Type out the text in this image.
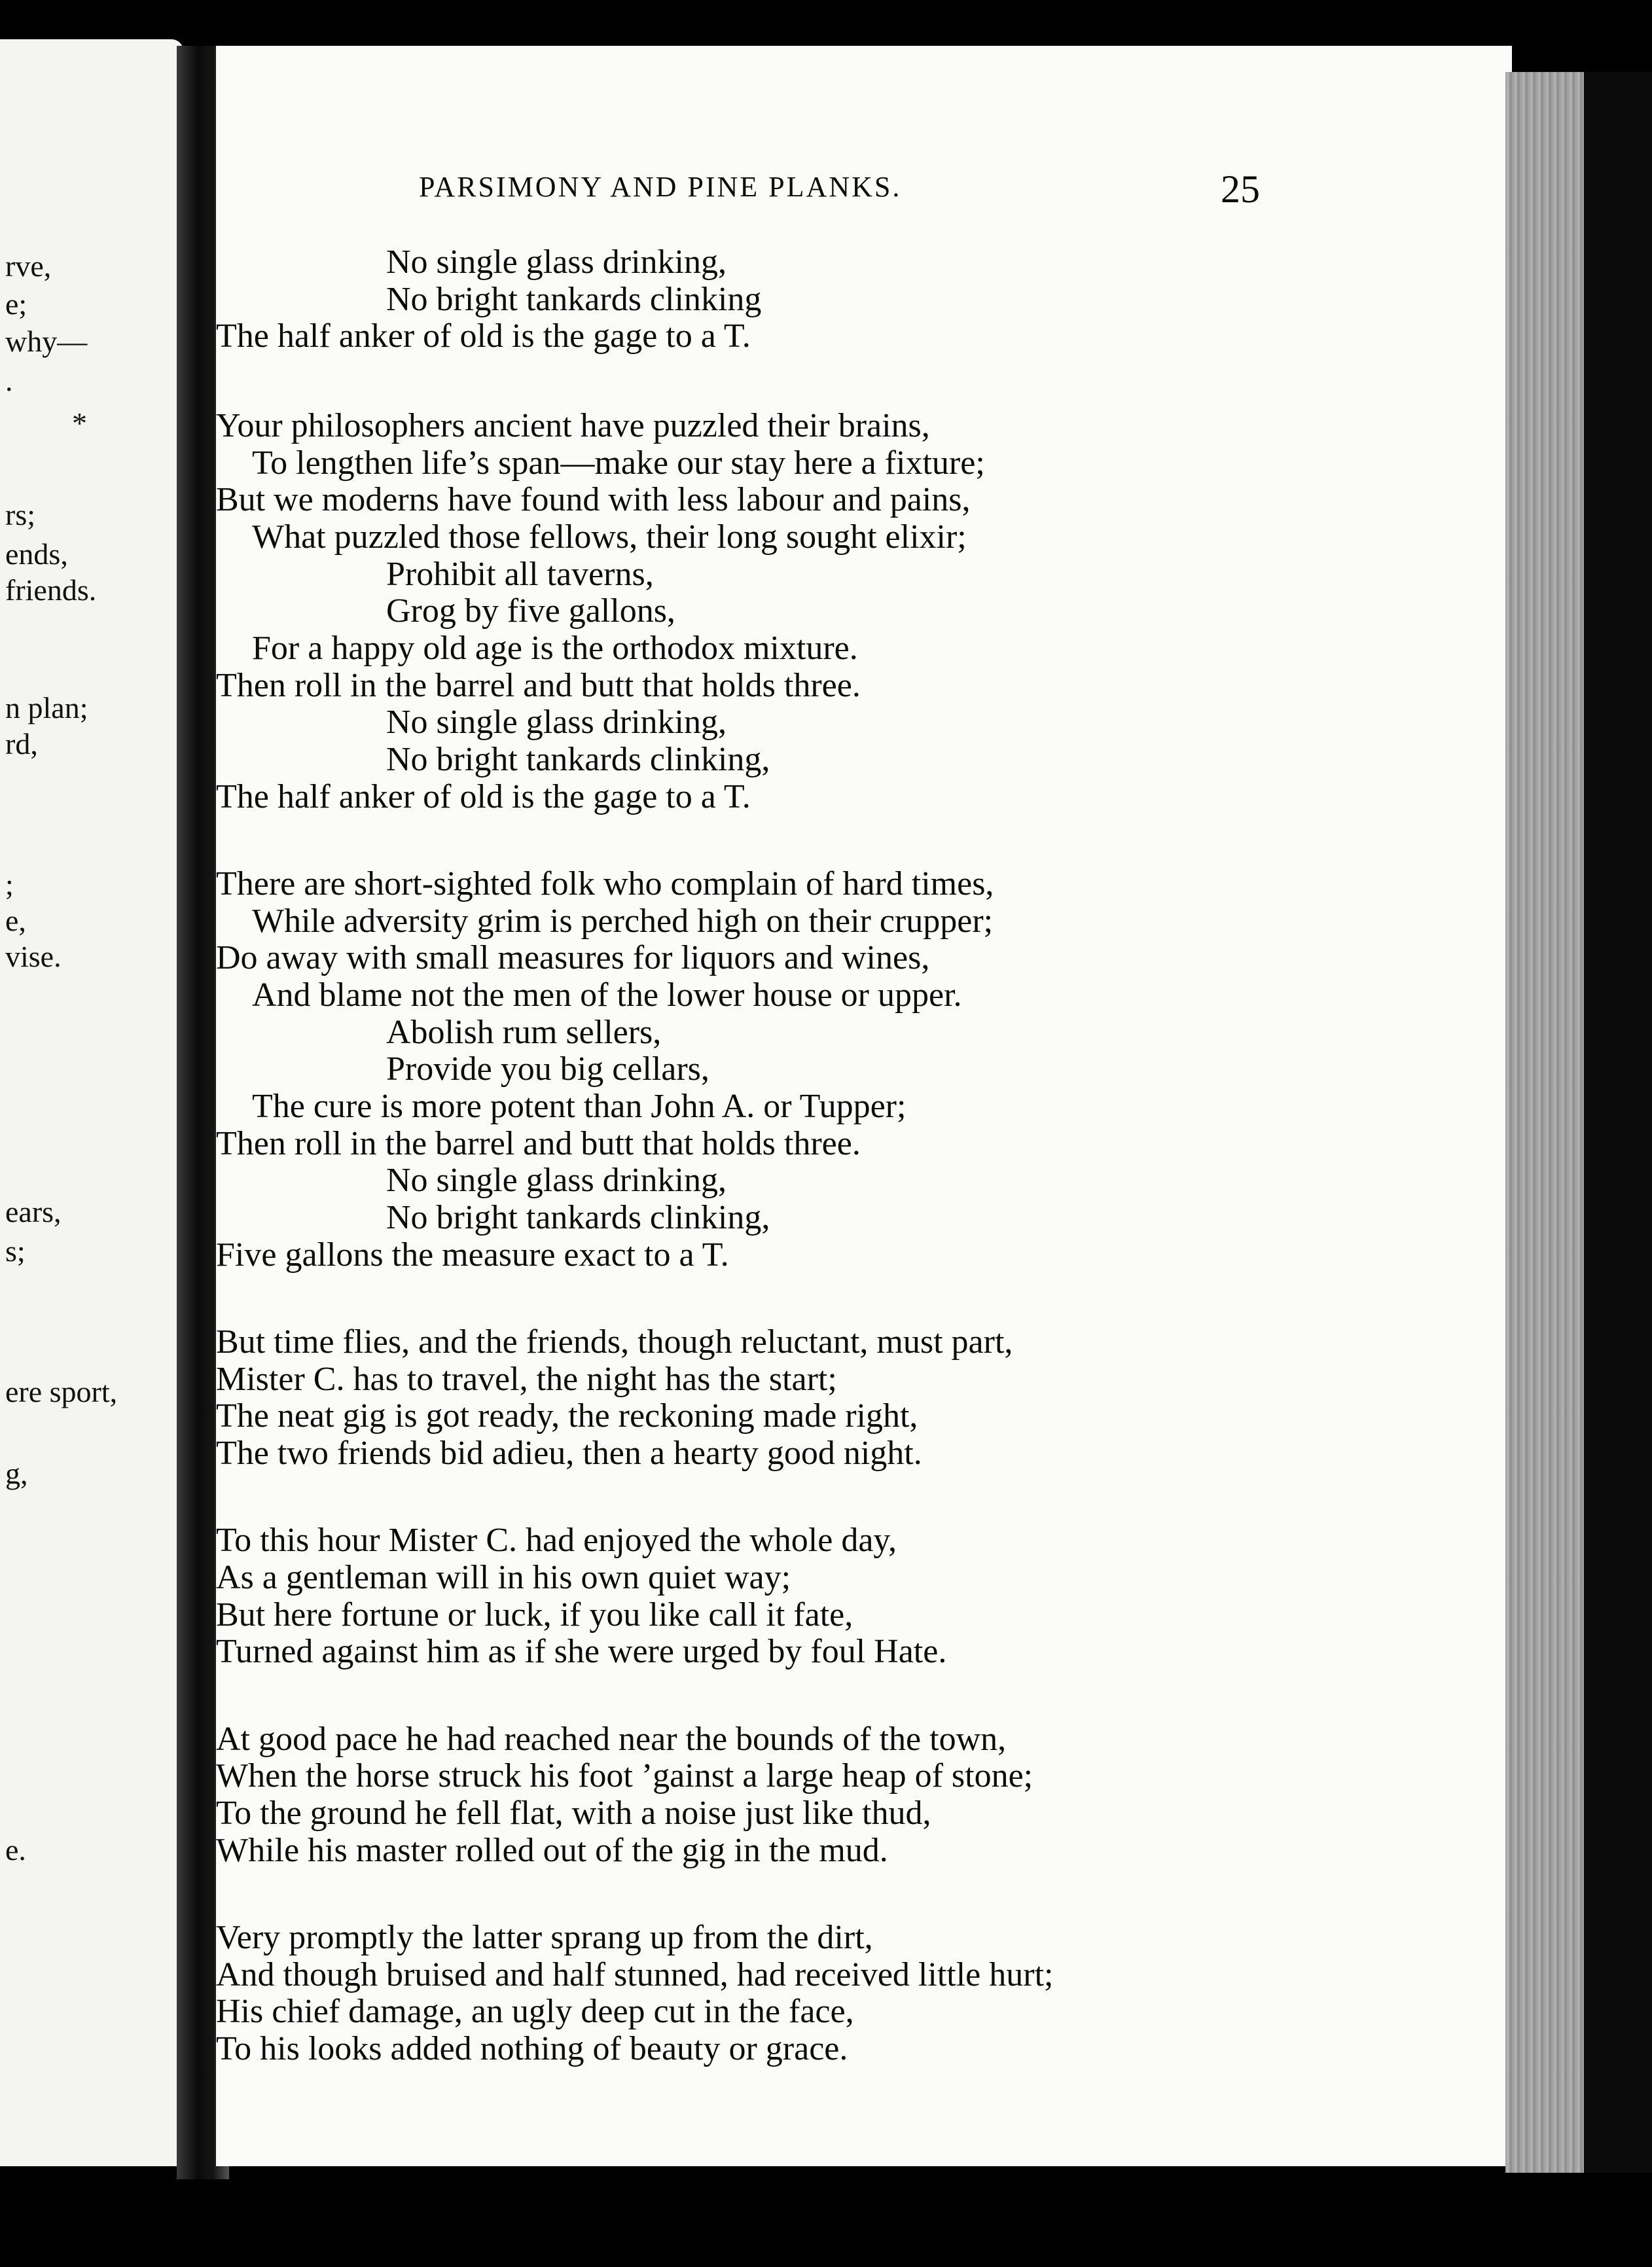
rve,
e;
why—
.
*
rs;
ends,
friends.
n plan;
rd,
;
e,
vise.
ears,
s;
ere sport,
g,
e.
PARSIMONY AND PINE PLANKS.	25
No single glass drinking,
No bright tankards clinking
The half anker of old is the gage to a T.
Your philosophers ancient have puzzled their brains,
To lengthen life’s span—make our stay here a fixture;
But we moderns have found with less labour and pains,
What puzzled those fellows, their long sought elixir;
Prohibit all taverns,
Grog by five gallons,
For a happy old age is the orthodox mixture.
Then roll in the barrel and butt that holds three.
No single glass drinking,
No bright tankards clinking,
The half anker of old is the gage to a T.
There are short-sighted folk who complain of hard times,
While adversity grim is perched high on their crupper;
Do away with small measures for liquors and wines,
And blame not the men of the lower house or upper.
Abolish rum sellers,
Provide you big cellars,
The cure is more potent than John A. or Tupper;
Then roll in the barrel and butt that holds three.
No single glass drinking,
No bright tankards clinking,
Five gallons the measure exact to a T.
But time flies, and the friends, though reluctant, must part,
Mister C. has to travel, the night has the start;
The neat gig is got ready, the reckoning made right,
The two friends bid adieu, then a hearty good night.
To this hour Mister C. had enjoyed the whole day,
As a gentleman will in his own quiet way;
But here fortune or luck, if you like call it fate,
Turned against him as if she were urged by foul Hate.
At good pace he had reached near the bounds of the town,
When the horse struck his foot ’gainst a large heap of stone;
To the ground he fell flat, with a noise just like thud,
While his master rolled out of the gig in the mud.
Very promptly the latter sprang up from the dirt,
And though bruised and half stunned, had received little hurt;
His chief damage, an ugly deep cut in the face,
To his looks added nothing of beauty or grace.
